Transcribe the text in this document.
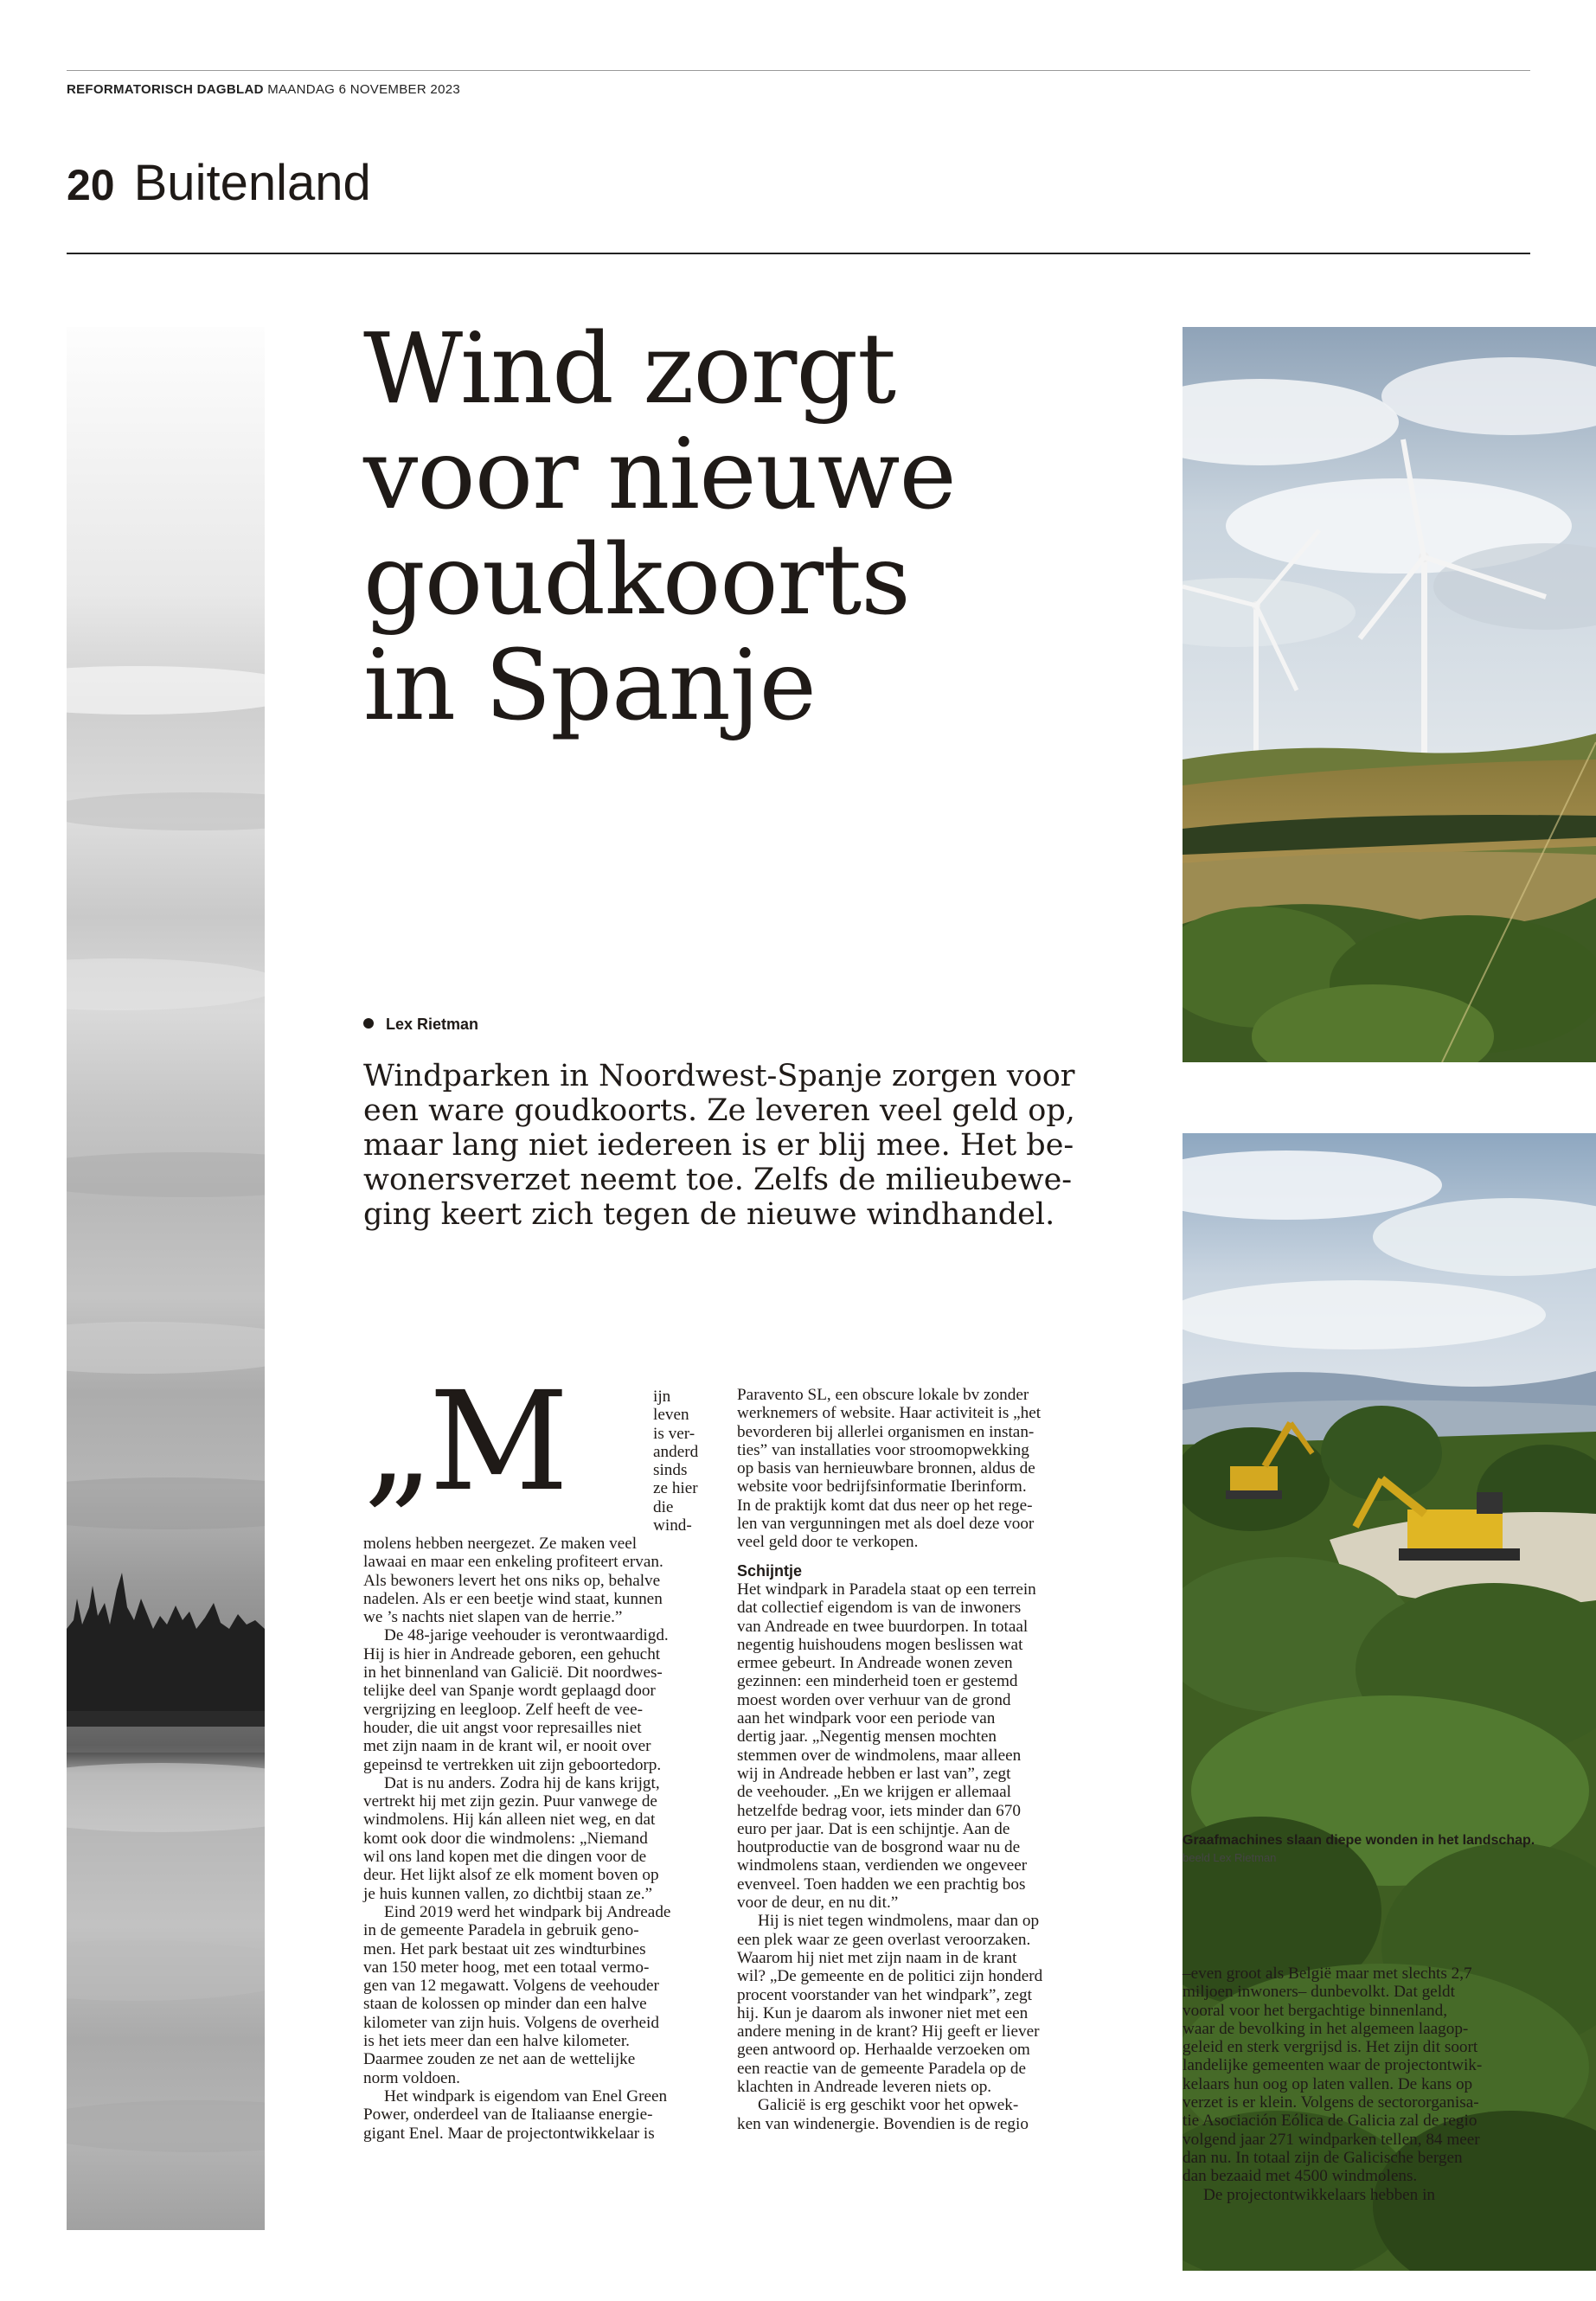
REFORMATORISCH DAGBLAD MAANDAG 6 NOVEMBER 2023
20 Buitenland
Wind zorgt
voor nieuwe
goudkoorts
in Spanje
Lex Rietman
Windparken in Noordwest-Spanje zorgen voor
een ware goudkoorts. Ze leveren veel geld op,
maar lang niet iedereen is er blij mee. Het be-
wonersverzet neemt toe. Zelfs de milieubewe-
ging keert zich tegen de nieuwe windhandel.
„M	ijn
leven
is ver-
anderd
sinds
ze hier
die
wind-
molens hebben neergezet. Ze maken veel
lawaai en maar een enkeling profiteert ervan.
Als bewoners levert het ons niks op, behalve
nadelen. Als er een beetje wind staat, kunnen
we ’s nachts niet slapen van de herrie.”
De 48-jarige veehouder is verontwaardigd.
Hij is hier in Andreade geboren, een gehucht
in het binnenland van Galicië. Dit noordwes-
telijke deel van Spanje wordt geplaagd door
vergrijzing en leegloop. Zelf heeft de vee-
houder, die uit angst voor represailles niet
met zijn naam in de krant wil, er nooit over
gepeinsd te vertrekken uit zijn geboortedorp.
Dat is nu anders. Zodra hij de kans krijgt,
vertrekt hij met zijn gezin. Puur vanwege de
windmolens. Hij kán alleen niet weg, en dat
komt ook door die windmolens: „Niemand
wil ons land kopen met die dingen voor de
deur. Het lijkt alsof ze elk moment boven op
je huis kunnen vallen, zo dichtbij staan ze.”
Eind 2019 werd het windpark bij Andreade
in de gemeente Paradela in gebruik geno-
men. Het park bestaat uit zes windturbines
van 150 meter hoog, met een totaal vermo-
gen van 12 megawatt. Volgens de veehouder
staan de kolossen op minder dan een halve
kilometer van zijn huis. Volgens de overheid
is het iets meer dan een halve kilometer.
Daarmee zouden ze net aan de wettelijke
norm voldoen.
Het windpark is eigendom van Enel Green
Power, onderdeel van de Italiaanse energie-
gigant Enel. Maar de projectontwikkelaar is
Paravento SL, een obscure lokale bv zonder
werknemers of website. Haar activiteit is „het
bevorderen bij allerlei organismen en instan-
ties” van installaties voor stroomopwekking
op basis van hernieuwbare bronnen, aldus de
website voor bedrijfsinformatie Iberinform.
In de praktijk komt dat dus neer op het rege-
len van vergunningen met als doel deze voor
veel geld door te verkopen.
Schijntje
Het windpark in Paradela staat op een terrein
dat collectief eigendom is van de inwoners
van Andreade en twee buurdorpen. In totaal
negentig huishoudens mogen beslissen wat
ermee gebeurt. In Andreade wonen zeven
gezinnen: een minderheid toen er gestemd
moest worden over verhuur van de grond
aan het windpark voor een periode van
dertig jaar. „Negentig mensen mochten
stemmen over de windmolens, maar alleen
wij in Andreade hebben er last van”, zegt
de veehouder. „En we krijgen er allemaal
hetzelfde bedrag voor, iets minder dan 670
euro per jaar. Dat is een schijntje. Aan de
houtproductie van de bosgrond waar nu de
windmolens staan, verdienden we ongeveer
evenveel. Toen hadden we een prachtig bos
voor de deur, en nu dit.”
Hij is niet tegen windmolens, maar dan op
een plek waar ze geen overlast veroorzaken.
Waarom hij niet met zijn naam in de krant
wil? „De gemeente en de politici zijn honderd
procent voorstander van het windpark”, zegt
hij. Kun je daarom als inwoner niet met een
andere mening in de krant? Hij geeft er liever
geen antwoord op. Herhaalde verzoeken om
een reactie van de gemeente Paradela op de
klachten in Andreade leveren niets op.
Galicië is erg geschikt voor het opwek-
ken van windenergie. Bovendien is de regio
Graafmachines slaan diepe wonden in het landschap. beeld Lex Rietman
–even groot als België maar met slechts 2,7
miljoen inwoners– dunbevolkt. Dat geldt
vooral voor het bergachtige binnenland,
waar de bevolking in het algemeen laagop-
geleid en sterk vergrijsd is. Het zijn dit soort
landelijke gemeenten waar de projectontwik-
kelaars hun oog op laten vallen. De kans op
verzet is er klein. Volgens de sectororganisa-
tie Asociación Eólica de Galicia zal de regio
volgend jaar 271 windparken tellen, 84 meer
dan nu. In totaal zijn de Galicische bergen
dan bezaaid met 4500 windmolens.
De projectontwikkelaars hebben in
